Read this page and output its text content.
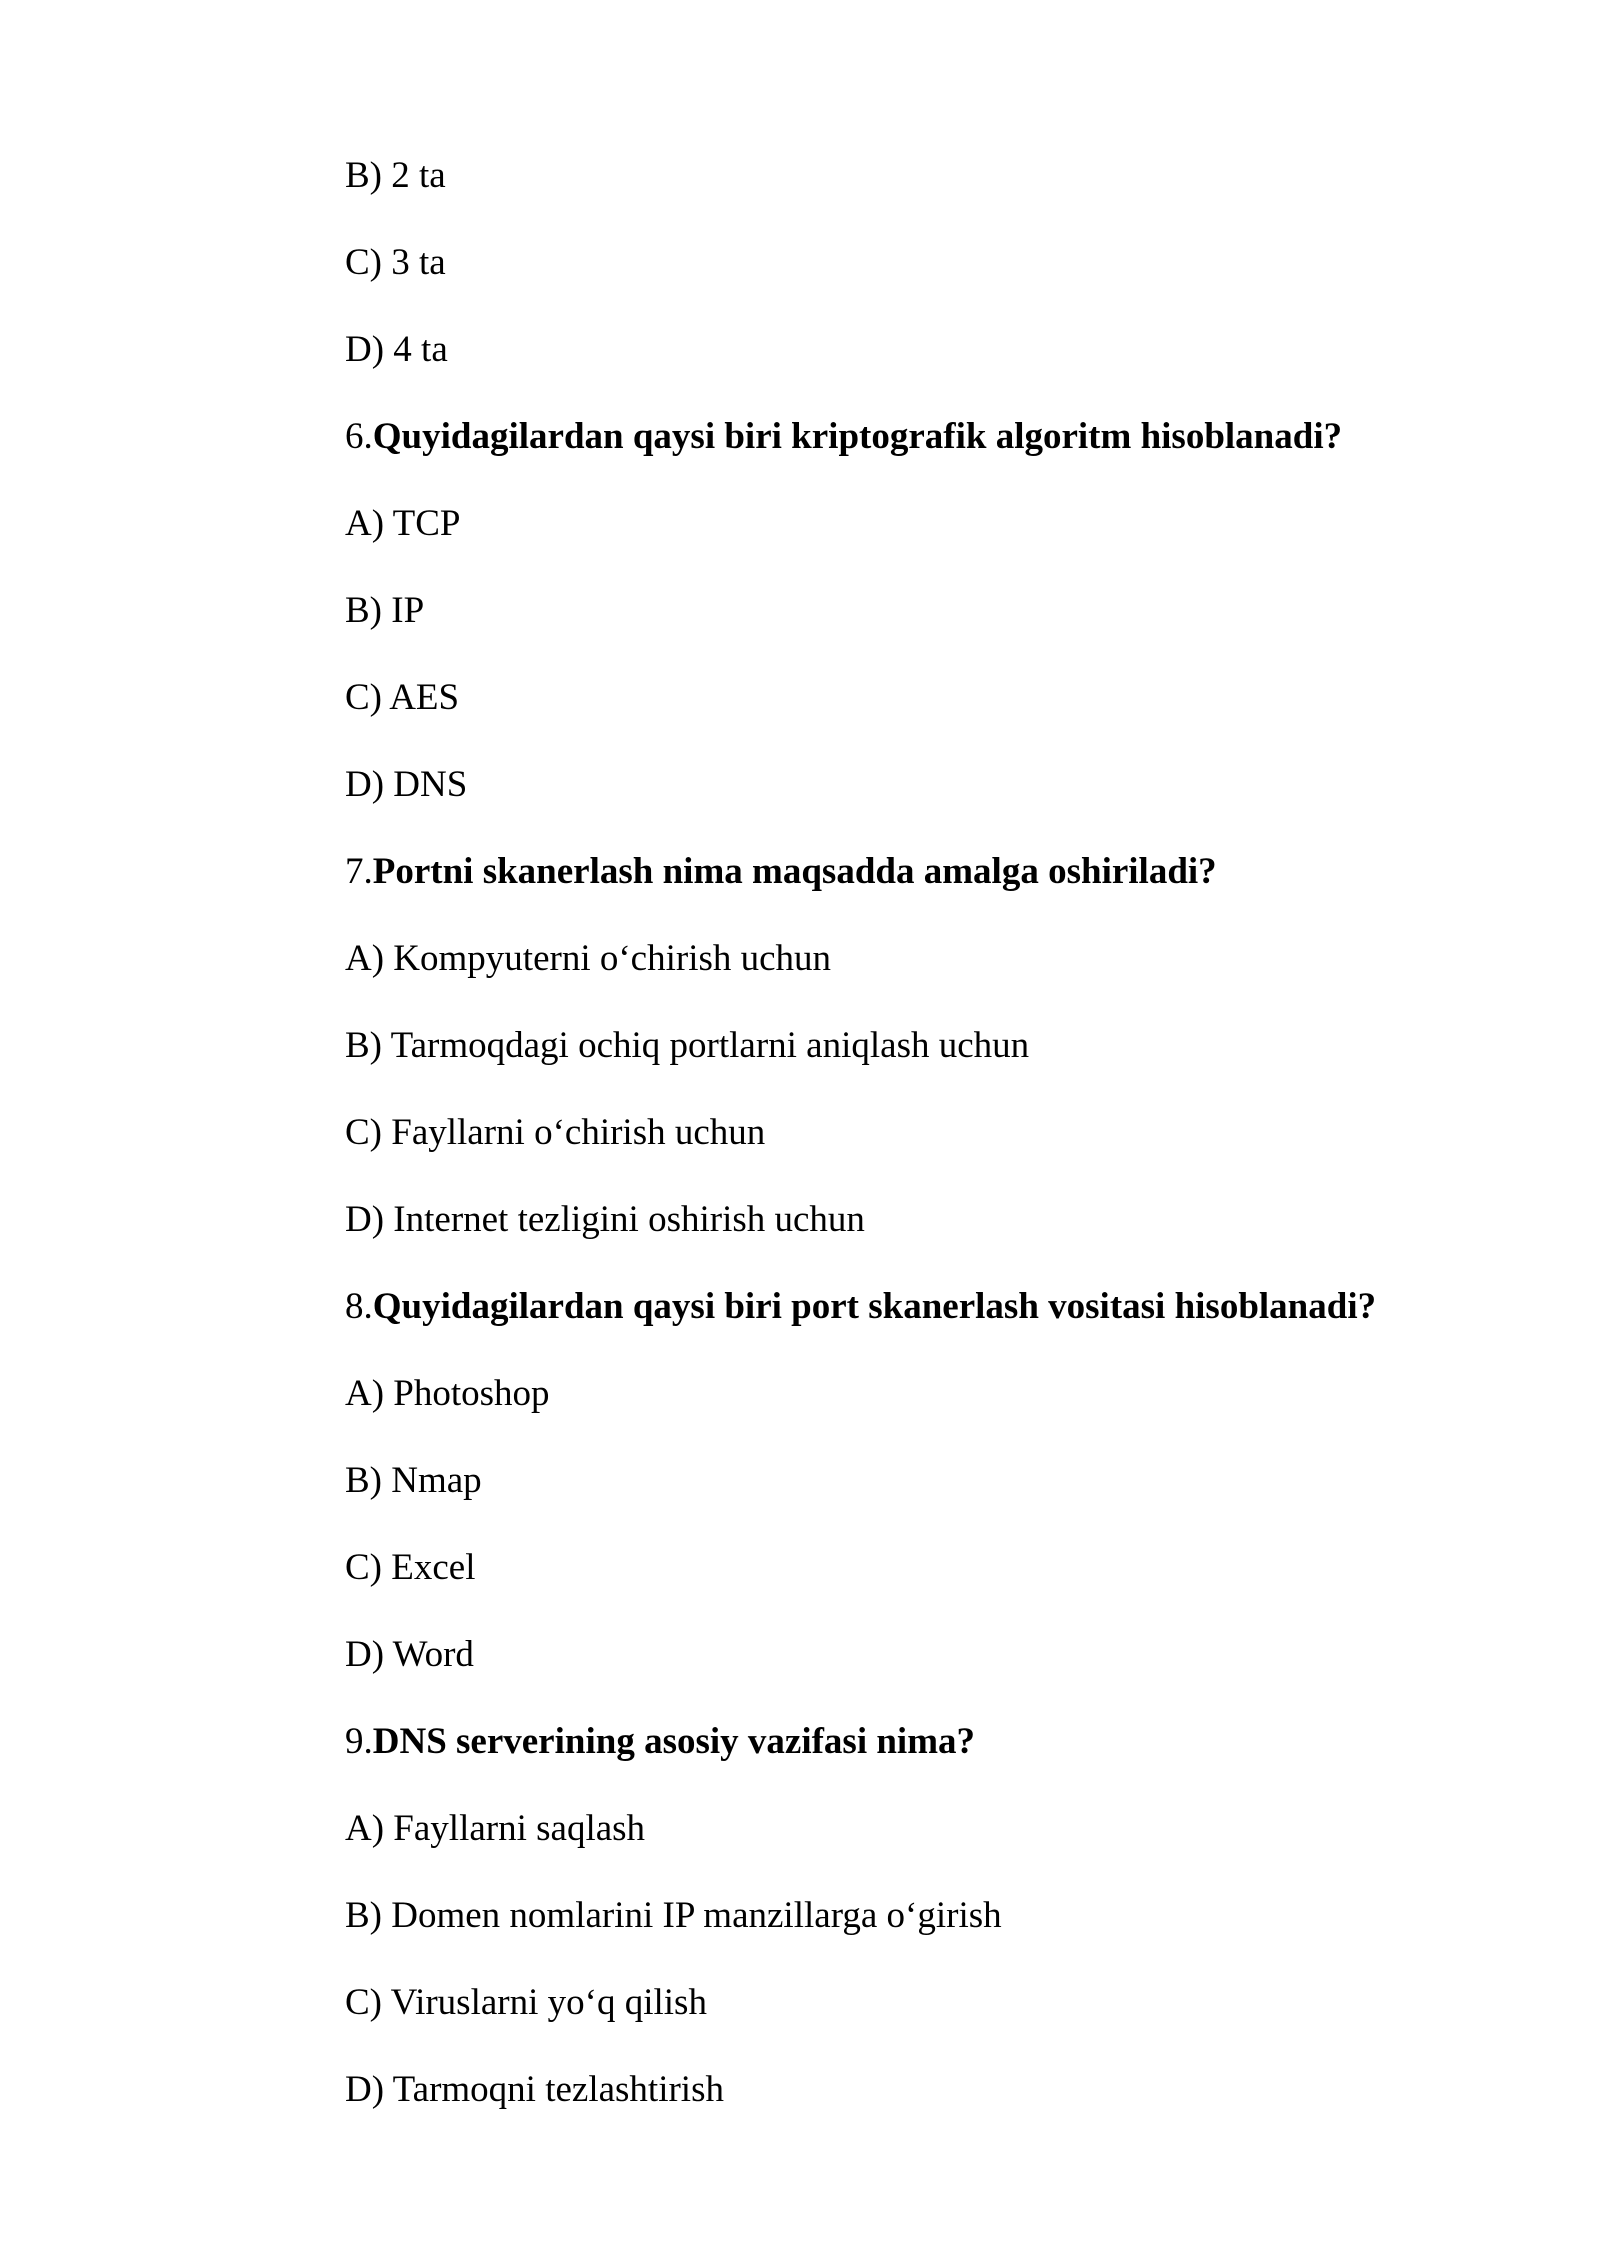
B) 2 ta
C) 3 ta
D) 4 ta
6.Quyidagilardan qaysi biri kriptografik algoritm hisoblanadi?
A) TCP
B) IP
C) AES
D) DNS
7.Portni skanerlash nima maqsadda amalga oshiriladi?
A) Kompyuterni o‘chirish uchun
B) Tarmoqdagi ochiq portlarni aniqlash uchun
C) Fayllarni o‘chirish uchun
D) Internet tezligini oshirish uchun
8.Quyidagilardan qaysi biri port skanerlash vositasi hisoblanadi?
A) Photoshop
B) Nmap
C) Excel
D) Word
9.DNS serverining asosiy vazifasi nima?
A) Fayllarni saqlash
B) Domen nomlarini IP manzillarga o‘girish
C) Viruslarni yo‘q qilish
D) Tarmoqni tezlashtirish
